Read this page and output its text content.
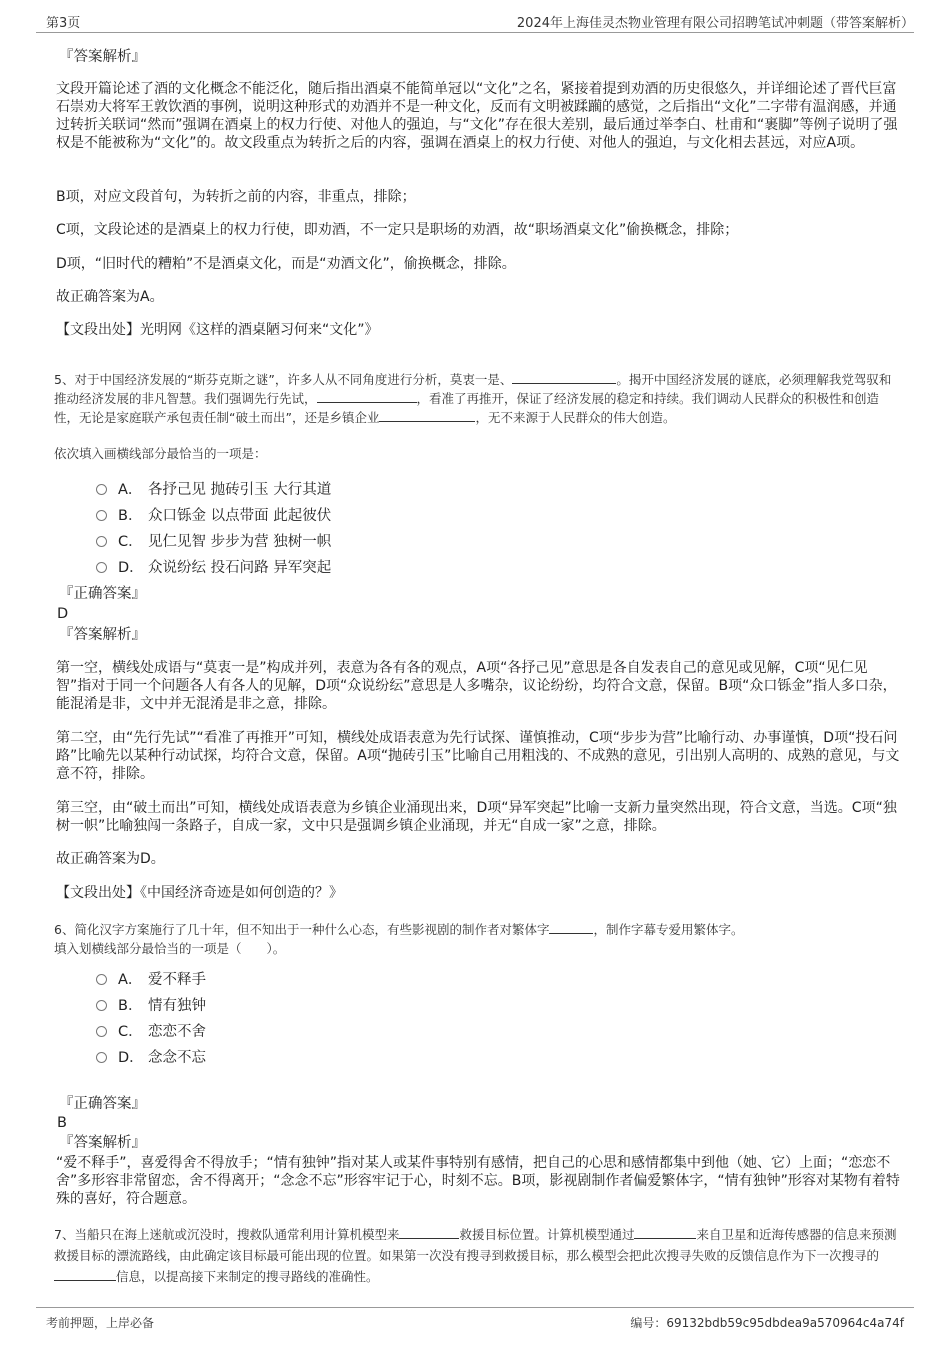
第3页	2024年上海佳灵杰物业管理有限公司招聘笔试冲刺题（带答案解析）
『答案解析』

文段开篇论述了酒的文化概念不能泛化，随后指出酒桌不能简单冠以“文化”之名，紧接着提到劝酒的历史很悠久，并详细论述了晋代巨富石崇劝大将军王敦饮酒的事例，说明这种形式的劝酒并不是一种文化，反而有文明被蹂躏的感觉，之后指出“文化”二字带有温润感，并通过转折关联词“然而”强调在酒桌上的权力行使、对他人的强迫，与“文化”存在很大差别，最后通过举李白、杜甫和“裹脚”等例子说明了强权是不能被称为“文化”的。故文段重点为转折之后的内容，强调在酒桌上的权力行使、对他人的强迫，与文化相去甚远，对应A项。

B项，对应文段首句，为转折之前的内容，非重点，排除；

C项，文段论述的是酒桌上的权力行使，即劝酒，不一定只是职场的劝酒，故“职场酒桌文化”偷换概念，排除；

D项，“旧时代的糟粕”不是酒桌文化，而是“劝酒文化”，偷换概念，排除。

故正确答案为A。

【文段出处】光明网《这样的酒桌陋习何来“文化”》

5、对于中国经济发展的“斯芬克斯之谜”，许多人从不同角度进行分析，莫衷一是、	。揭开中国经济发展的谜底，必须理解我党驾驭和推动经济发展的非凡智慧。我们强调先行先试，	，看准了再推开，保证了经济发展的稳定和持续。我们调动人民群众的积极性和创造性，无论是家庭联产承包责任制“破土而出”，还是乡镇企业	，无不来源于人民群众的伟大创造。
依次填入画横线部分最恰当的一项是：
A． 各抒己见 抛砖引玉 大行其道
B． 众口铄金 以点带面 此起彼伏
C． 见仁见智 步步为营 独树一帜
D． 众说纷纭 投石问路 异军突起
『正确答案』
D
『答案解析』

第一空，横线处成语与“莫衷一是”构成并列，表意为各有各的观点，A项“各抒己见”意思是各自发表自己的意见或见解，C项“见仁见智”指对于同一个问题各人有各人的见解，D项“众说纷纭”意思是人多嘴杂，议论纷纷，均符合文意，保留。B项“众口铄金”指人多口杂，能混淆是非，文中并无混淆是非之意，排除。

第二空，由“先行先试”“看准了再推开”可知，横线处成语表意为先行试探、谨慎推动，C项“步步为营”比喻行动、办事谨慎，D项“投石问路”比喻先以某种行动试探，均符合文意，保留。A项“抛砖引玉”比喻自己用粗浅的、不成熟的意见，引出别人高明的、成熟的意见，与文意不符，排除。

第三空，由“破土而出”可知，横线处成语表意为乡镇企业涌现出来，D项“异军突起”比喻一支新力量突然出现，符合文意，当选。C项“独树一帜”比喻独闯一条路子，自成一家，文中只是强调乡镇企业涌现，并无“自成一家”之意，排除。

故正确答案为D。

【文段出处】《中国经济奇迹是如何创造的？》

6、简化汉字方案施行了几十年，但不知出于一种什么心态，有些影视剧的制作者对繁体字	，制作字幕专爱用繁体字。
填入划横线部分最恰当的一项是（　　）。
A． 爱不释手
B． 情有独钟
C． 恋恋不舍
D． 念念不忘
『正确答案』
B
『答案解析』

“爱不释手”，喜爱得舍不得放手；“情有独钟”指对某人或某件事特别有感情，把自己的心思和感情都集中到他（她、它）上面；“恋恋不舍”多形容非常留恋，舍不得离开；“念念不忘”形容牢记于心，时刻不忘。B项，影视剧制作者偏爱繁体字，“情有独钟”形容对某物有着特殊的喜好，符合题意。

7、当船只在海上迷航或沉没时，搜救队通常利用计算机模型来	救援目标位置。计算机模型通过	来自卫星和近海传感器的信息来预测救援目标的漂流路线，由此确定该目标最可能出现的位置。如果第一次没有搜寻到救援目标，那么模型会把此次搜寻失败的反馈信息作为下一次搜寻的信息，以提高接下来制定的搜寻路线的准确性。
考前押题，上岸必备	编号：69132bdb59c95dbdea9a570964c4a74f
